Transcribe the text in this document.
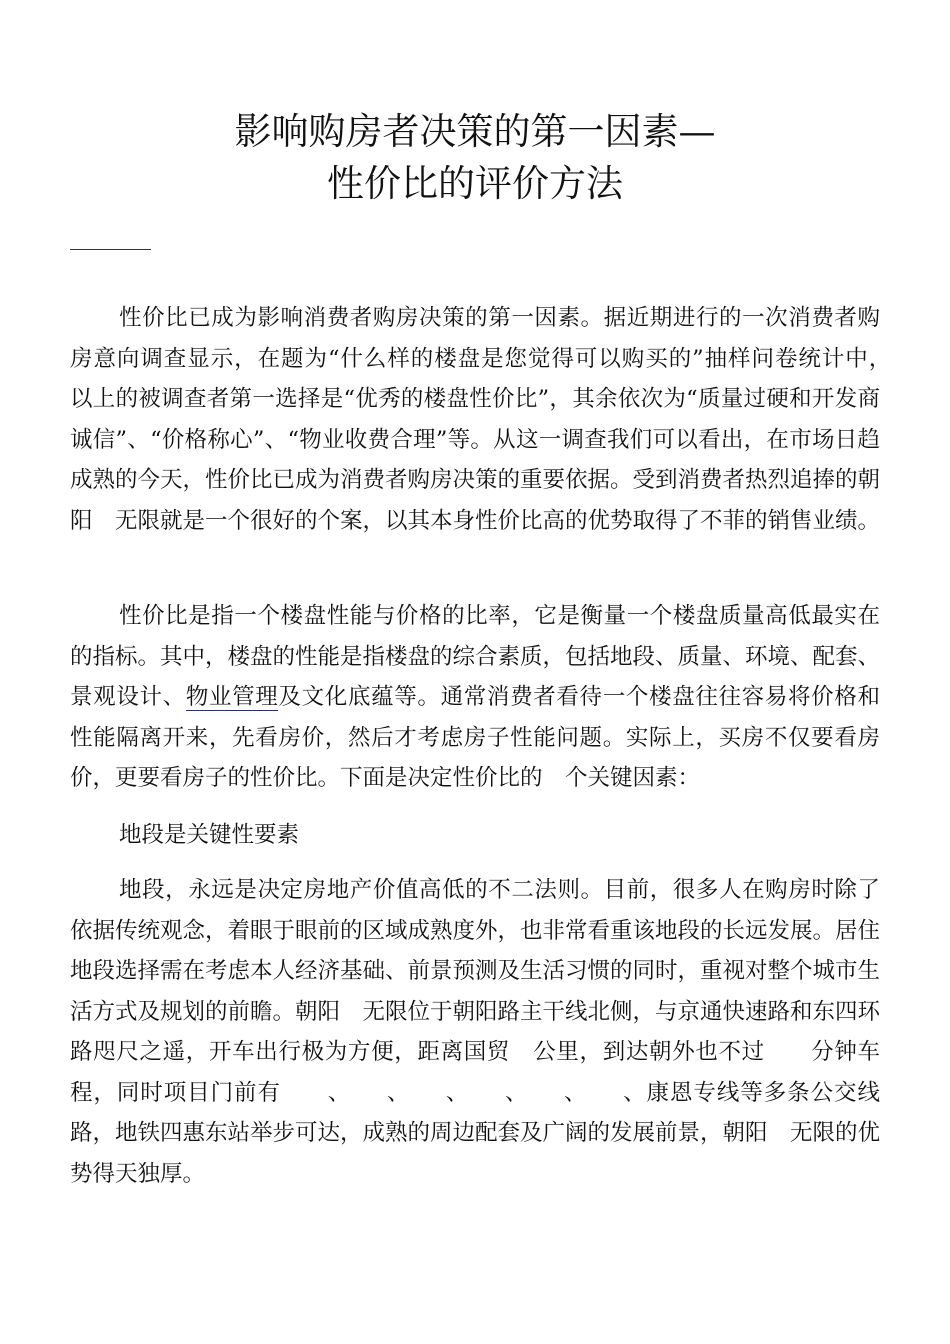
影响购房者决策的第一因素—
性价比的评价方法

性价比已成为影响消费者购房决策的第一因素。据近期进行的一次消费者购房意向调查显示，在题为“什么样的楼盘是您觉得可以购买的”抽样问卷统计中，　　以上的被调查者第一选择是“优秀的楼盘性价比”，其余依次为“质量过硬和开发商诚信”、“价格称心”、“物业收费合理”等。从这一调查我们可以看出，在市场日趋成熟的今天，性价比已成为消费者购房决策的重要依据。受到消费者热烈追捧的朝阳　无限就是一个很好的个案，以其本身性价比高的优势取得了不菲的销售业绩。

性价比是指一个楼盘性能与价格的比率，它是衡量一个楼盘质量高低最实在的指标。其中，楼盘的性能是指楼盘的综合素质，包括地段、质量、环境、配套、景观设计、物业管理及文化底蕴等。通常消费者看待一个楼盘往往容易将价格和性能隔离开来，先看房价，然后才考虑房子性能问题。实际上，买房不仅要看房价，更要看房子的性价比。下面是决定性价比的　个关键因素：

地段是关键性要素

地段，永远是决定房地产价值高低的不二法则。目前，很多人在购房时除了依据传统观念，着眼于眼前的区域成熟度外，也非常看重该地段的长远发展。居住地段选择需在考虑本人经济基础、前景预测及生活习惯的同时，重视对整个城市生活方式及规划的前瞻。朝阳　无限位于朝阳路主干线北侧，与京通快速路和东四环路咫尺之遥，开车出行极为方便，距离国贸　公里，到达朝外也不过　　分钟车程，同时项目门前有　　、　　、　　、　　、　　、　　、康恩专线等多条公交线路，地铁四惠东站举步可达，成熟的周边配套及广阔的发展前景，朝阳　无限的优势得天独厚。
